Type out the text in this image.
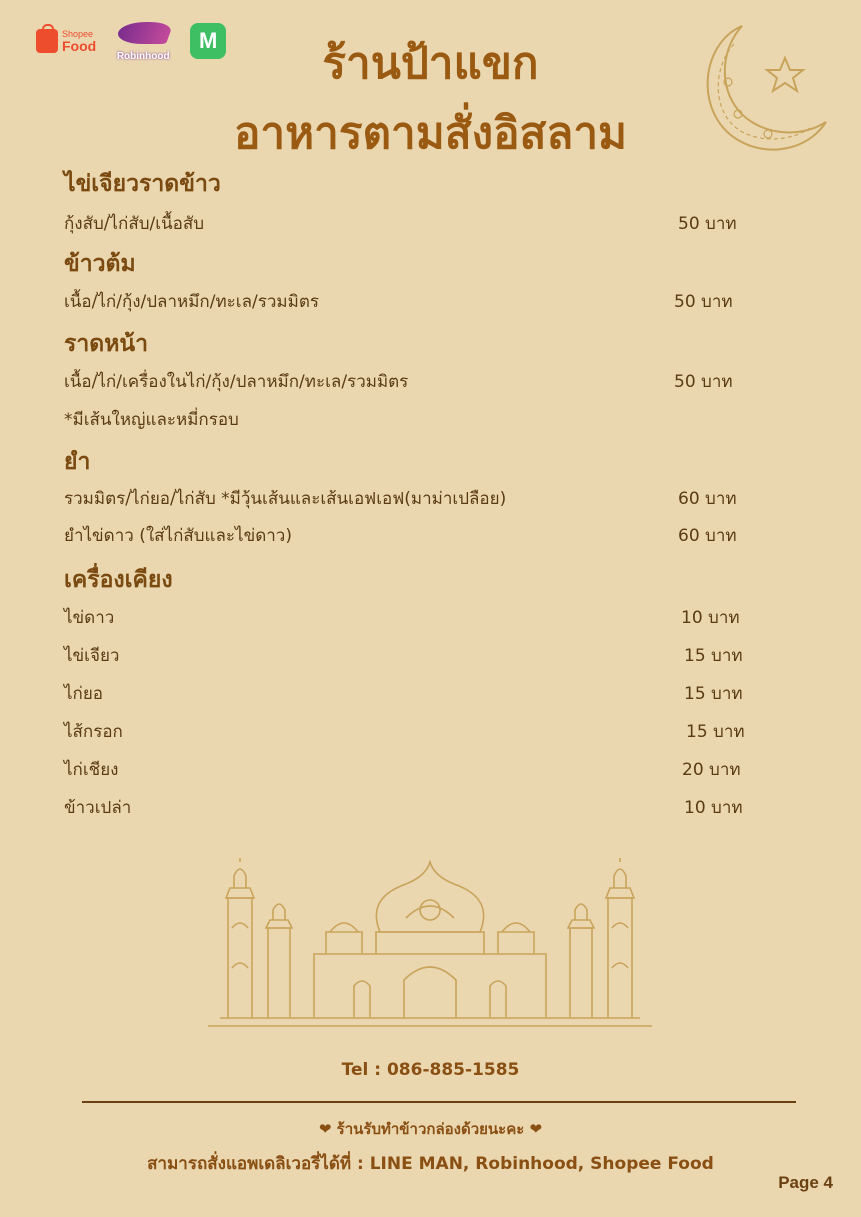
Shopee
Food
Robinhood
M	ร้านป้าแขก
อาหารตามสั่งอิสลาม
ไข่เจียวราดข้าว
กุ้งสับ/ไก่สับ/เนื้อสับ	50 บาท
ข้าวต้ม
เนื้อ/ไก่/กุ้ง/ปลาหมึก/ทะเล/รวมมิตร	50 บาท
ราดหน้า
เนื้อ/ไก่/เครื่องในไก่/กุ้ง/ปลาหมึก/ทะเล/รวมมิตร	50 บาท
*มีเส้นใหญ่และหมี่กรอบ
ยำ
รวมมิตร/ไก่ยอ/ไก่สับ *มีวุ้นเส้นและเส้นเอฟเอฟ(มาม่าเปลือย)	60 บาท
ยำไข่ดาว (ใส่ไก่สับและไข่ดาว)	60 บาท
เครื่องเคียง
ไข่ดาว	10 บาท
ไข่เจียว	15 บาท
ไก่ยอ	15 บาท
ไส้กรอก	15 บาท
ไก่เชียง	20 บาท
ข้าวเปล่า	10 บาท
Tel : 086-885-1585
❤ ร้านรับทำข้าวกล่องด้วยนะคะ ❤
สามารถสั่งแอพเดลิเวอรี่ได้ที่ : LINE MAN, Robinhood, Shopee Food
Page 4
